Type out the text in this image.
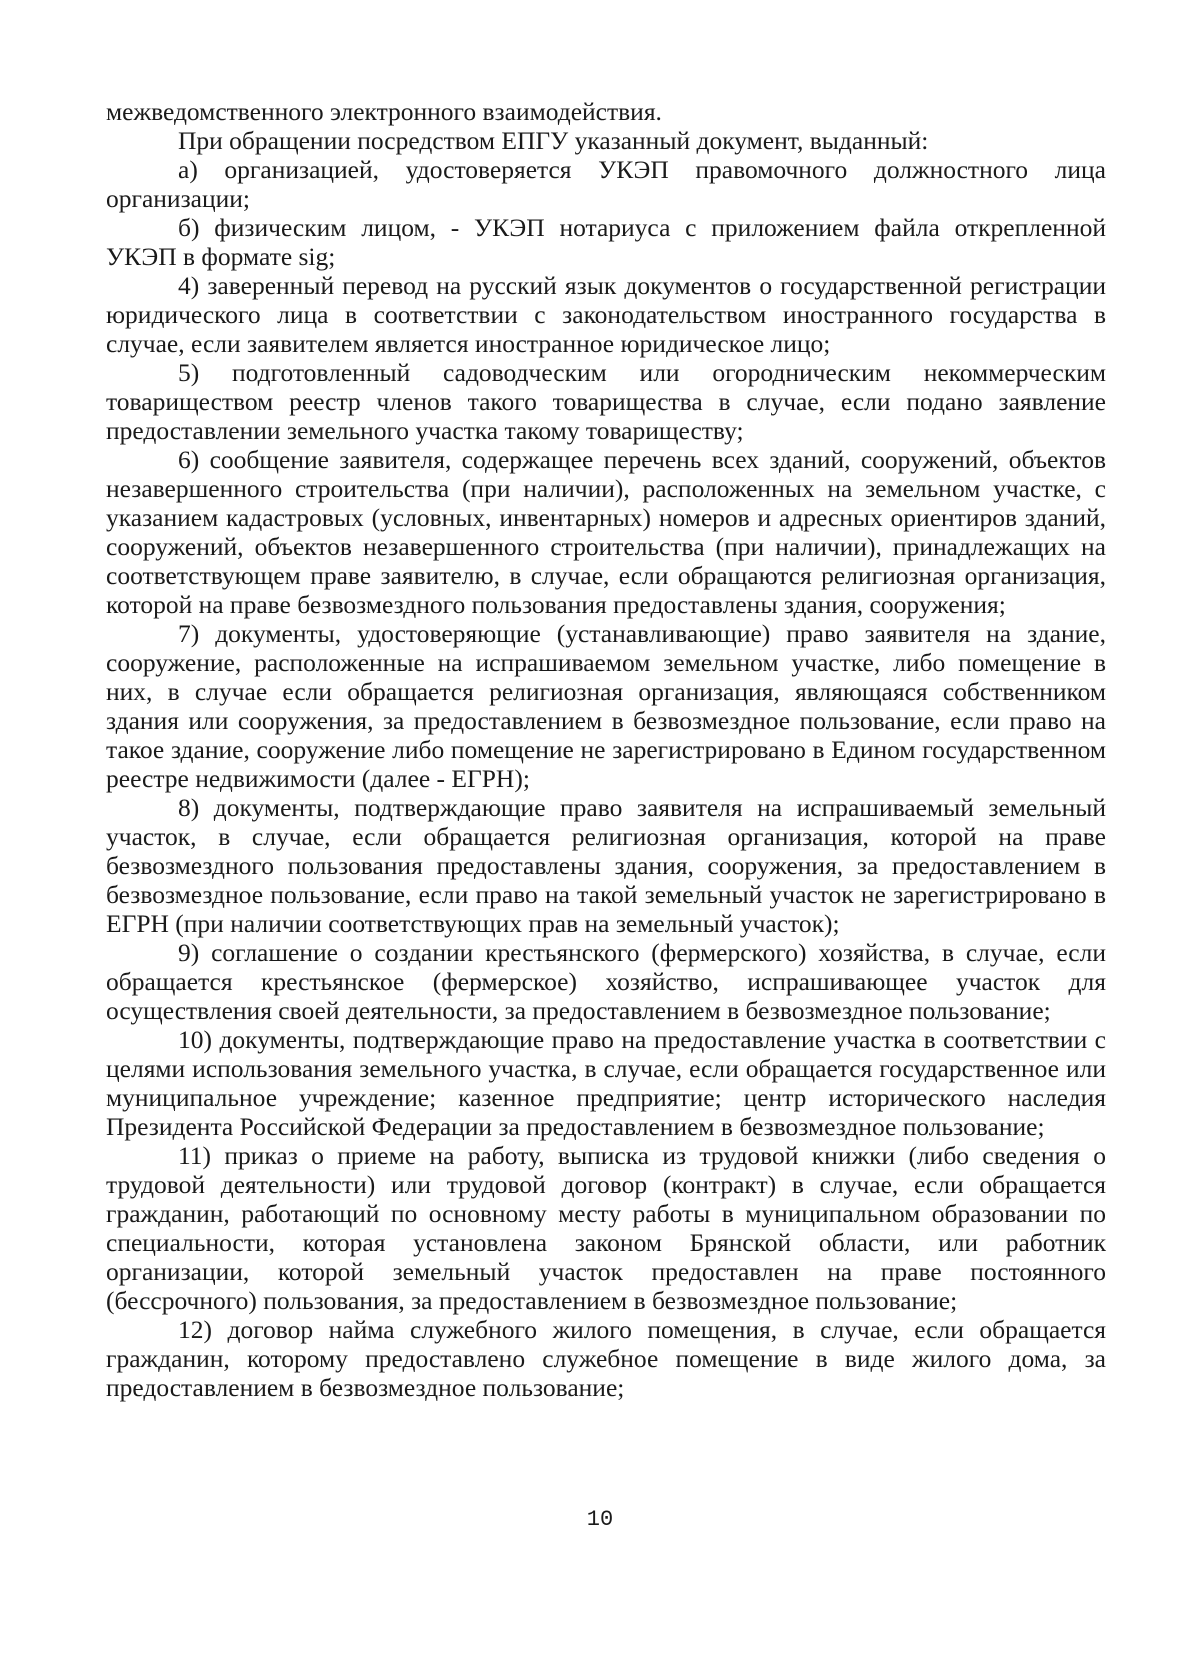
межведомственного электронного взаимодействия.

При обращении посредством ЕПГУ указанный документ, выданный:

а) организацией, удостоверяется УКЭП правомочного должностного лица организации;

б) физическим лицом, - УКЭП нотариуса с приложением файла открепленной УКЭП в формате sig;

4) заверенный перевод на русский язык документов о государственной регистрации юридического лица в соответствии с законодательством иностранного государства в случае, если заявителем является иностранное юридическое лицо;

5) подготовленный садоводческим или огородническим некоммерческим товариществом реестр членов такого товарищества в случае, если подано заявление предоставлении земельного участка такому товариществу;

6) сообщение заявителя, содержащее перечень всех зданий, сооружений, объектов незавершенного строительства (при наличии), расположенных на земельном участке, с указанием кадастровых (условных, инвентарных) номеров и адресных ориентиров зданий, сооружений, объектов незавершенного строительства (при наличии), принадлежащих на соответствующем праве заявителю, в случае, если обращаются религиозная организация, которой на праве безвозмездного пользования предоставлены здания, сооружения;

7) документы, удостоверяющие (устанавливающие) право заявителя на здание, сооружение, расположенные на испрашиваемом земельном участке, либо помещение в них, в случае если обращается религиозная организация, являющаяся собственником здания или сооружения, за предоставлением в безвозмездное пользование, если право на такое здание, сооружение либо помещение не зарегистрировано в Едином государственном реестре недвижимости (далее - ЕГРН);

8) документы, подтверждающие право заявителя на испрашиваемый земельный участок, в случае, если обращается религиозная организация, которой на праве безвозмездного пользования предоставлены здания, сооружения, за предоставлением в безвозмездное пользование, если право на такой земельный участок не зарегистрировано в ЕГРН (при наличии соответствующих прав на земельный участок);

9) соглашение о создании крестьянского (фермерского) хозяйства, в случае, если обращается крестьянское (фермерское) хозяйство, испрашивающее участок для осуществления своей деятельности, за предоставлением в безвозмездное пользование;

10) документы, подтверждающие право на предоставление участка в соответствии с целями использования земельного участка, в случае, если обращается государственное или муниципальное учреждение; казенное предприятие; центр исторического наследия Президента Российской Федерации за предоставлением в безвозмездное пользование;

11) приказ о приеме на работу, выписка из трудовой книжки (либо сведения о трудовой деятельности) или трудовой договор (контракт) в случае, если обращается гражданин, работающий по основному месту работы в муниципальном образовании по специальности, которая установлена законом Брянской области, или работник организации, которой земельный участок предоставлен на праве постоянного (бессрочного) пользования, за предоставлением в безвозмездное пользование;

12) договор найма служебного жилого помещения, в случае, если обращается гражданин, которому предоставлено служебное помещение в виде жилого дома, за предоставлением в безвозмездное пользование;

10
